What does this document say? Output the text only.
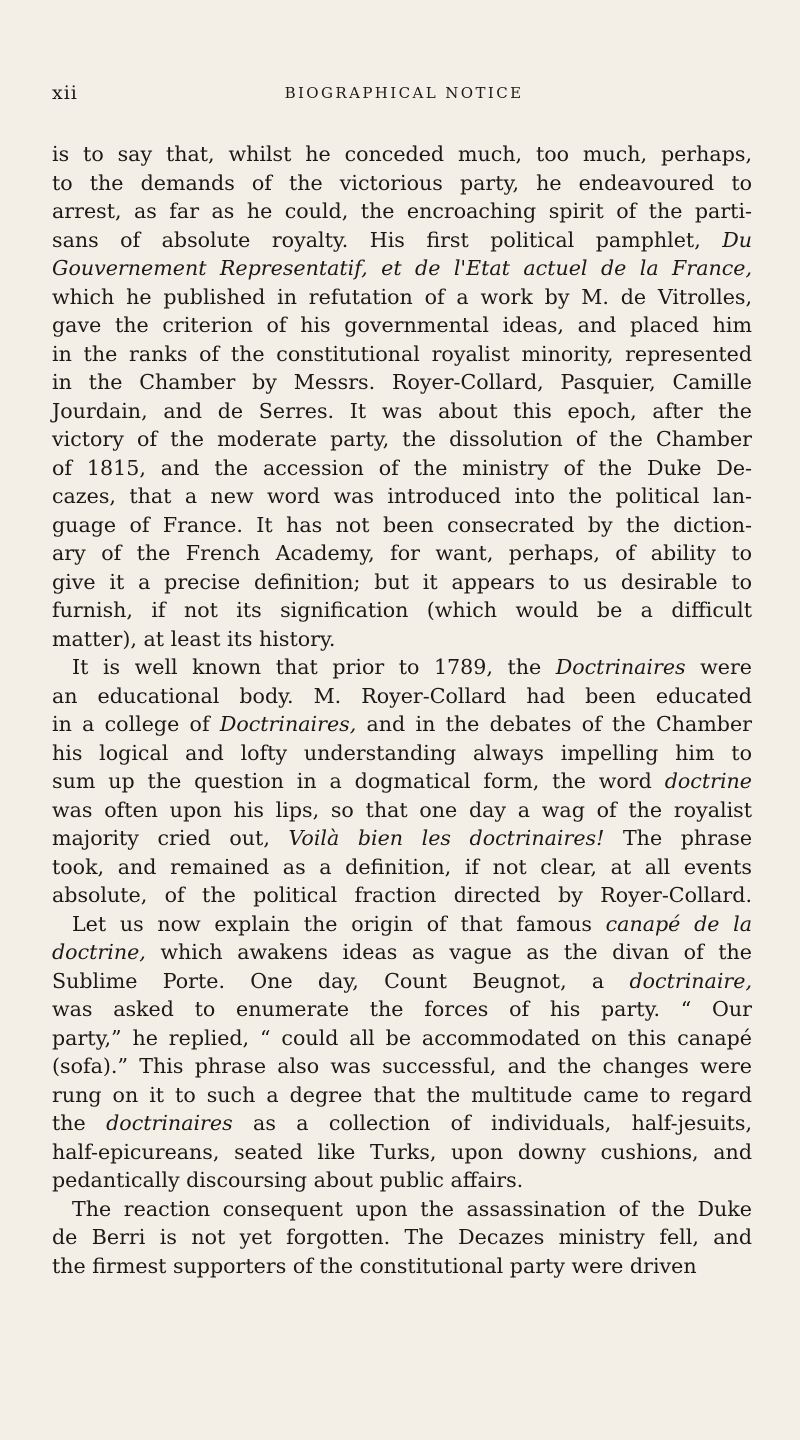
xii	BIOGRAPHICAL NOTICE
is to say that, whilst he conceded much, too much, perhaps,
to the demands of the victorious party, he endeavoured to
arrest, as far as he could, the encroaching spirit of the parti-
sans of absolute royalty. His first political pamphlet, Du
Gouvernement Representatif, et de l'Etat actuel de la France,
which he published in refutation of a work by M. de Vitrolles,
gave the criterion of his governmental ideas, and placed him
in the ranks of the constitutional royalist minority, represented
in the Chamber by Messrs. Royer-Collard, Pasquier, Camille
Jourdain, and de Serres. It was about this epoch, after the
victory of the moderate party, the dissolution of the Chamber
of 1815, and the accession of the ministry of the Duke De-
cazes, that a new word was introduced into the political lan-
guage of France. It has not been consecrated by the diction-
ary of the French Academy, for want, perhaps, of ability to
give it a precise definition; but it appears to us desirable to
furnish, if not its signification (which would be a difficult
matter), at least its history.
It is well known that prior to 1789, the Doctrinaires were
an educational body. M. Royer-Collard had been educated
in a college of Doctrinaires, and in the debates of the Chamber
his logical and lofty understanding always impelling him to
sum up the question in a dogmatical form, the word doctrine
was often upon his lips, so that one day a wag of the royalist
majority cried out, Voilà bien les doctrinaires! The phrase
took, and remained as a definition, if not clear, at all events
absolute, of the political fraction directed by Royer-Collard.
Let us now explain the origin of that famous canapé de la
doctrine, which awakens ideas as vague as the divan of the
Sublime Porte. One day, Count Beugnot, a doctrinaire,
was asked to enumerate the forces of his party. “ Our
party,” he replied, “ could all be accommodated on this canapé
(sofa).” This phrase also was successful, and the changes were
rung on it to such a degree that the multitude came to regard
the doctrinaires as a collection of individuals, half-jesuits,
half-epicureans, seated like Turks, upon downy cushions, and
pedantically discoursing about public affairs.
The reaction consequent upon the assassination of the Duke
de Berri is not yet forgotten. The Decazes ministry fell, and
the firmest supporters of the constitutional party were driven
